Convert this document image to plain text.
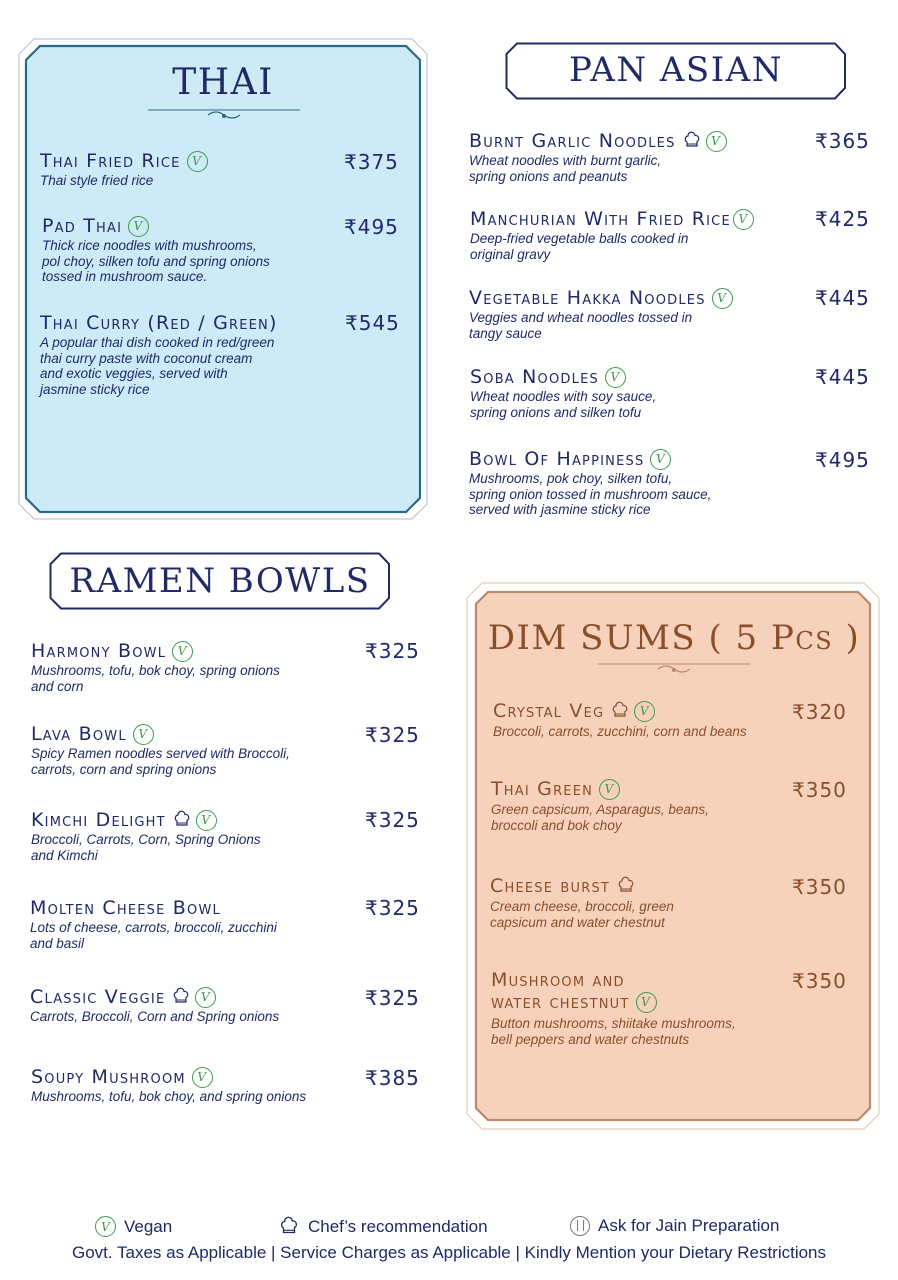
THAI
Thai Fried Rice V
Thai style fried rice
₹375
Pad Thai V
Thick rice noodles with mushrooms,
pol choy, silken tofu and spring onions
tossed in mushroom sauce.
₹495
Thai Curry (Red / Green)
A popular thai dish cooked in red/green
thai curry paste with coconut cream
and exotic veggies, served with
jasmine sticky rice
₹545
PAN ASIAN
Burnt Garlic Noodles	V
Wheat noodles with burnt garlic,
spring onions and peanuts
₹365
Manchurian With Fried Rice V
Deep-fried vegetable balls cooked in
original gravy
₹425
Vegetable Hakka Noodles V
Veggies and wheat noodles tossed in
tangy sauce
₹445
Soba Noodles V
Wheat noodles with soy sauce,
spring onions and silken tofu
₹445
Bowl Of Happiness V
Mushrooms, pok choy, silken tofu,
spring onion tossed in mushroom sauce,
served with jasmine sticky rice
₹495
RAMEN BOWLS
Harmony Bowl V
Mushrooms, tofu, bok choy, spring onions
and corn
₹325
Lava Bowl V
Spicy Ramen noodles served with Broccoli,
carrots, corn and spring onions
₹325
Kimchi Delight	V
Broccoli, Carrots, Corn, Spring Onions
and Kimchi
₹325
Molten Cheese Bowl
Lots of cheese, carrots, broccoli, zucchini
and basil
₹325
Classic Veggie	V
Carrots, Broccoli, Corn and Spring onions
₹325
Soupy Mushroom V
Mushrooms, tofu, bok choy, and spring onions
₹385
DIM SUMS ( 5 Pcs )
Crystal Veg	V
Broccoli, carrots, zucchini, corn and beans
₹320
Thai Green V
Green capsicum, Asparagus, beans,
broccoli and bok choy
₹350
Cheese burst
Cream cheese, broccoli, green
capsicum and water chestnut
₹350
Mushroom and
water chestnut V
Button mushrooms, shiitake mushrooms,
bell peppers and water chestnuts
₹350
V Vegan	Chef’s recommendation	Ask for Jain Preparation
Govt. Taxes as Applicable | Service Charges as Applicable | Kindly Mention your Dietary Restrictions
